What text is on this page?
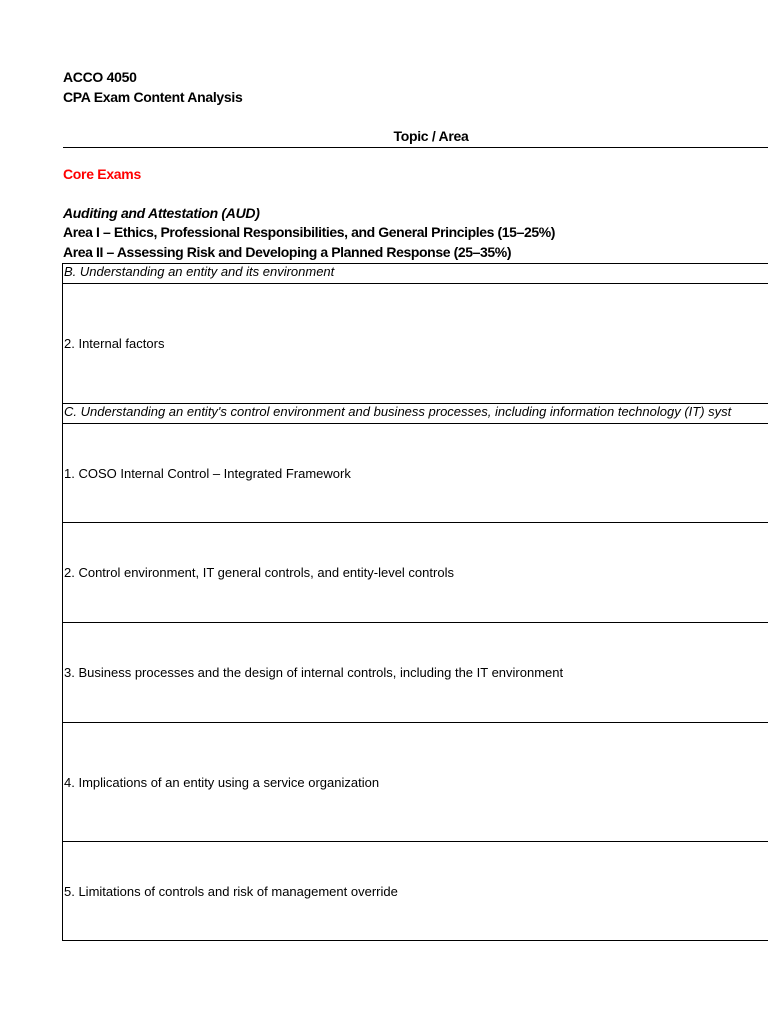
ACCO 4050
CPA Exam Content Analysis
Topic / Area
Core Exams
Auditing and Attestation (AUD)
Area I – Ethics, Professional Responsibilities, and General Principles (15–25%)
Area II – Assessing Risk and Developing a Planned Response (25–35%)
B. Understanding an entity and its environment
2. Internal factors
C. Understanding an entity's control environment and business processes, including information technology (IT) syst
1. COSO Internal Control – Integrated Framework
2. Control environment, IT general controls, and entity-level controls
3. Business processes and the design of internal controls, including the IT environment
4. Implications of an entity using a service organization
5. Limitations of controls and risk of management override
